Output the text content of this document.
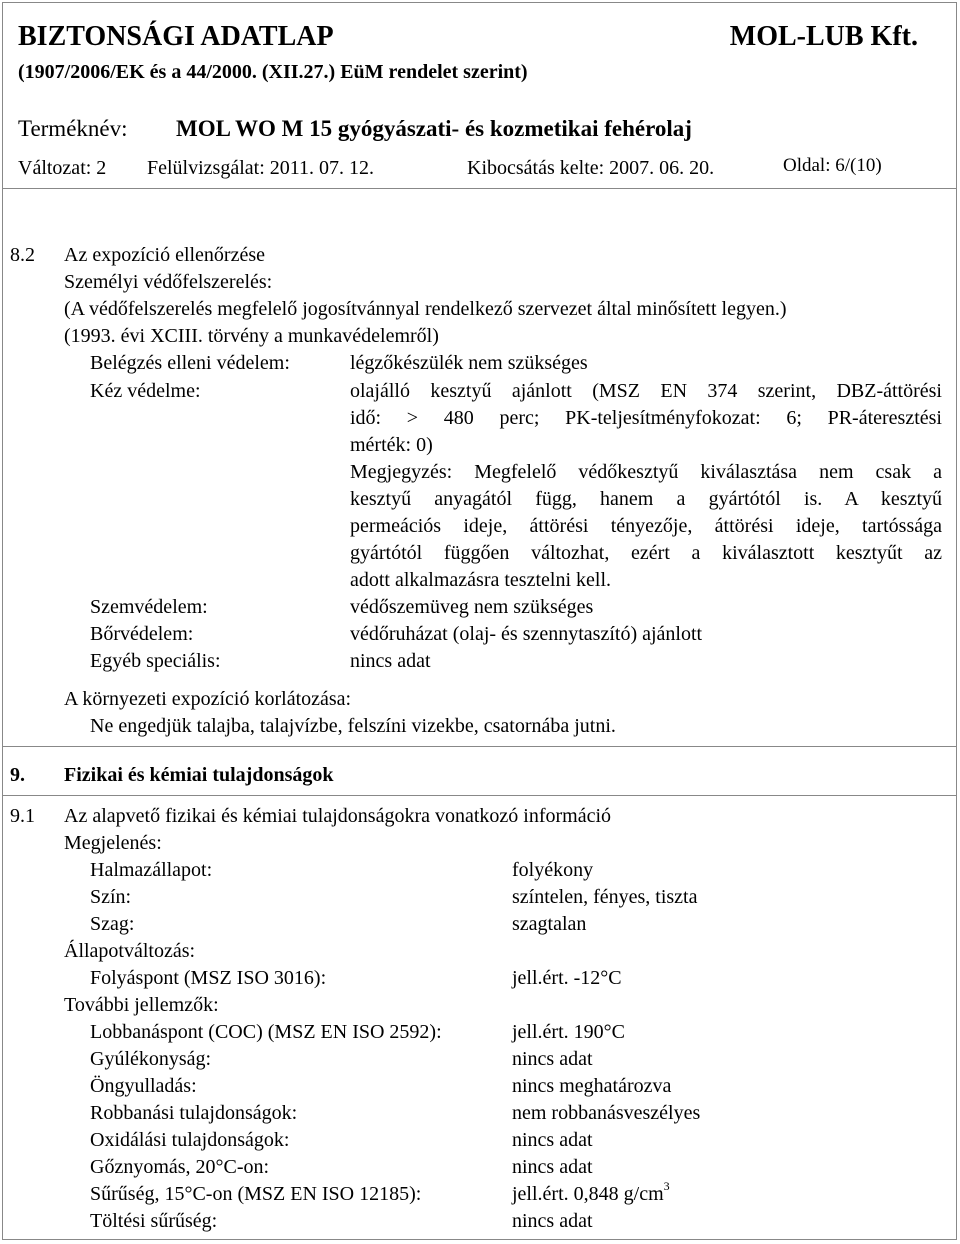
BIZTONSÁGI ADATLAP	MOL-LUB Kft.
(1907/2006/EK és a 44/2000. (XII.27.) EüM rendelet szerint)
Terméknév: MOL WO M 15 gyógyászati- és kozmetikai fehérolaj
Változat: 2 Felülvizsgálat: 2011. 07. 12.	Kibocsátás kelte: 2007. 06. 20.	Oldal: 6/(10)
8.2 Az expozíció ellenőrzése
Személyi védőfelszerelés:
(A védőfelszerelés megfelelő jogosítvánnyal rendelkező szervezet által minősített legyen.)
(1993. évi XCIII. törvény a munkavédelemről)
Belégzés elleni védelem:	légzőkészülék nem szükséges
Kéz védelme:	olajálló kesztyű ajánlott (MSZ EN 374 szerint, DBZ-áttörési
idő: > 480 perc; PK-teljesítményfokozat: 6; PR-áteresztési
mérték: 0)
Megjegyzés: Megfelelő védőkesztyű kiválasztása nem csak a
kesztyű anyagától függ, hanem a gyártótól is. A kesztyű
permeációs ideje, áttörési tényezője, áttörési ideje, tartóssága
gyártótól függően változhat, ezért a kiválasztott kesztyűt az
adott alkalmazásra tesztelni kell.
Szemvédelem:	védőszemüveg nem szükséges
Bőrvédelem:	védőruházat (olaj- és szennytaszító) ajánlott
Egyéb speciális:	nincs adat
A környezeti expozíció korlátozása:
Ne engedjük talajba, talajvízbe, felszíni vizekbe, csatornába jutni.
9. Fizikai és kémiai tulajdonságok
9.1 Az alapvető fizikai és kémiai tulajdonságokra vonatkozó információ
Megjelenés:
Halmazállapot:	folyékony
Szín:	színtelen, fényes, tiszta
Szag:	szagtalan
Állapotváltozás:
Folyáspont (MSZ ISO 3016):	jell.ért. -12°C
További jellemzők:
Lobbanáspont (COC) (MSZ EN ISO 2592):	jell.ért. 190°C
Gyúlékonyság:	nincs adat
Öngyulladás:	nincs meghatározva
Robbanási tulajdonságok:	nem robbanásveszélyes
Oxidálási tulajdonságok:	nincs adat
Gőznyomás, 20°C-on:	nincs adat
Sűrűség, 15°C-on (MSZ EN ISO 12185):	jell.ért. 0,848 $g/cm^3$
Töltési sűrűség:	nincs adat
